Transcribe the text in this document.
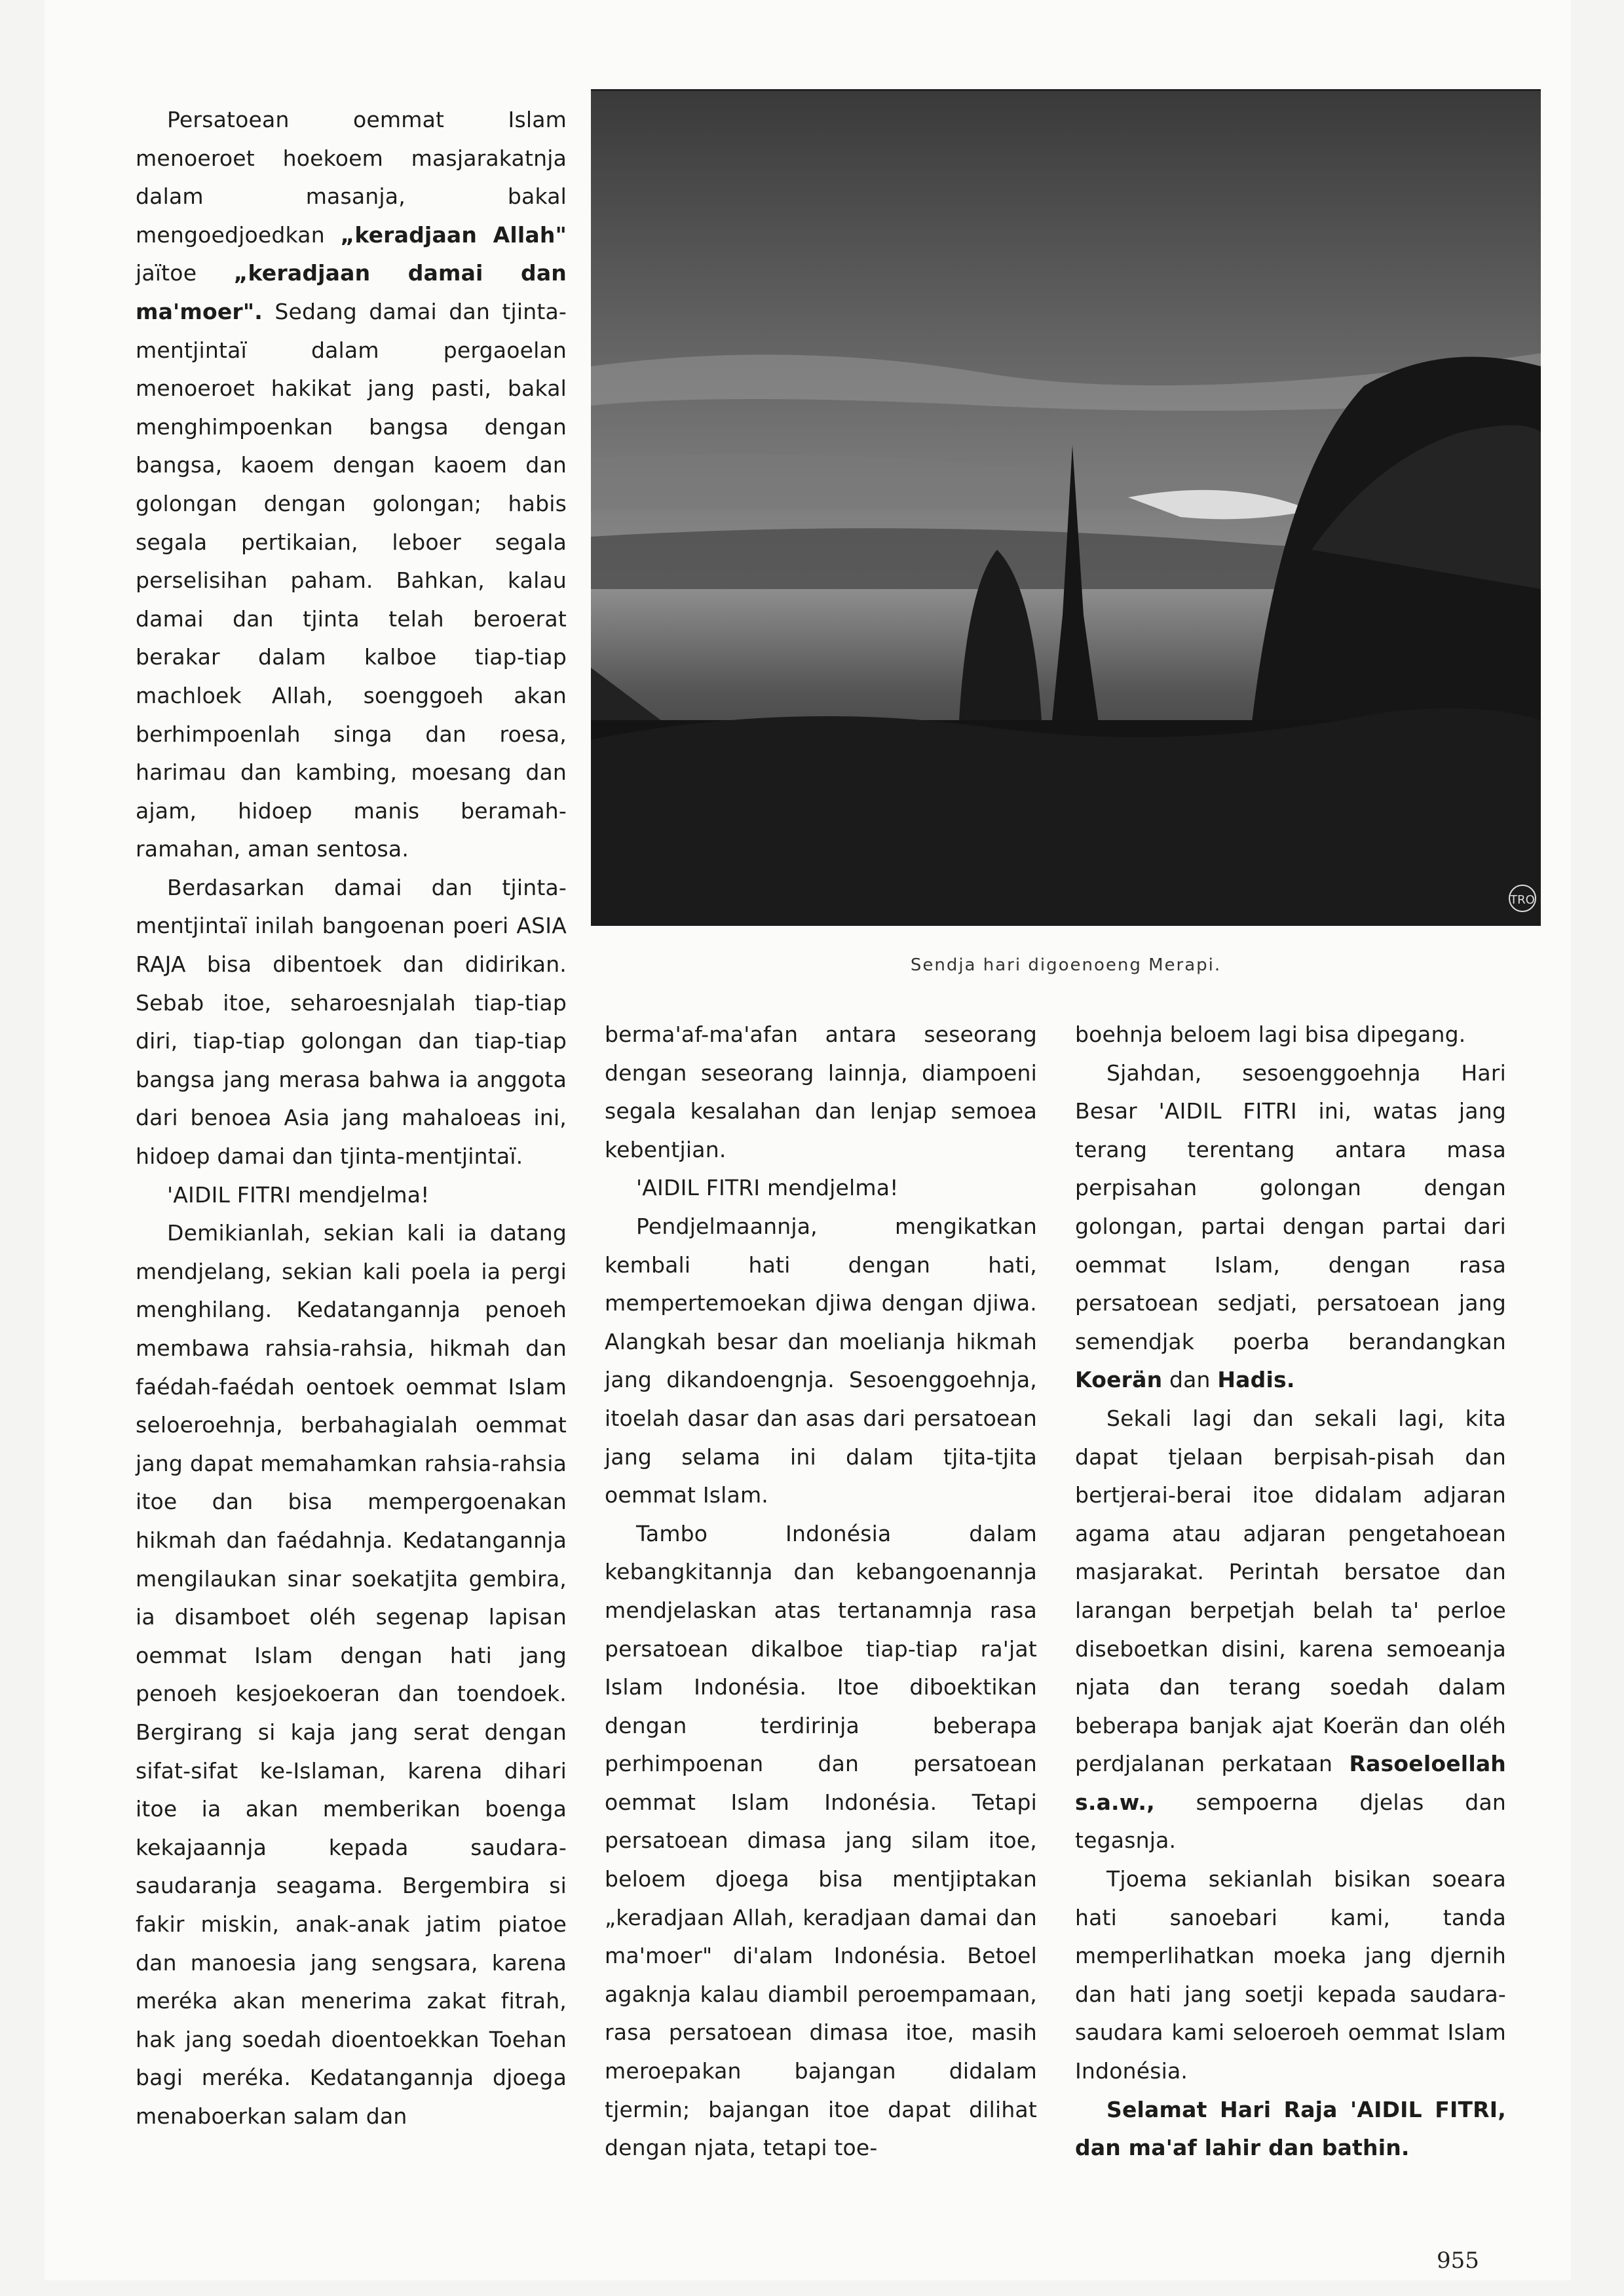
Persatoean oemmat Islam menoeroet hoekoem masjarakatnja dalam masanja, bakal mengoedjoedkan „keradjaan Allah" jaïtoe „keradjaan damai dan ma'moer". Sedang damai dan tjinta-mentjintaï dalam pergaoelan menoeroet hakikat jang pasti, bakal menghimpoenkan bangsa dengan bangsa, kaoem dengan kaoem dan golongan dengan golongan; habis segala pertikaian, leboer segala perselisihan paham. Bahkan, kalau damai dan tjinta telah beroerat berakar dalam kalboe tiap-tiap machloek Allah, soenggoeh akan berhimpoenlah singa dan roesa, harimau dan kambing, moesang dan ajam, hidoep manis beramah-ramahan, aman sentosa.

Berdasarkan damai dan tjinta-mentjintaï inilah bangoenan poeri ASIA RAJA bisa dibentoek dan didirikan. Sebab itoe, seharoesnjalah tiap-tiap diri, tiap-tiap golongan dan tiap-tiap bangsa jang merasa bahwa ia anggota dari benoea Asia jang mahaloeas ini, hidoep damai dan tjinta-mentjintaï.

'AIDIL FITRI mendjelma!

Demikianlah, sekian kali ia datang mendjelang, sekian kali poela ia pergi menghilang. Kedatangannja penoeh membawa rahsia-rahsia, hikmah dan faédah-faédah oentoek oemmat Islam seloeroehnja, berbahagialah oemmat jang dapat memahamkan rahsia-rahsia itoe dan bisa mempergoenakan hikmah dan faédahnja. Kedatangannja mengilaukan sinar soekatjita gembira, ia disamboet oléh segenap lapisan oemmat Islam dengan hati jang penoeh kesjoekoeran dan toendoek. Bergirang si kaja jang serat dengan sifat-sifat ke-Islaman, karena dihari itoe ia akan memberikan boenga kekajaannja kepada saudara-saudaranja seagama. Bergembira si fakir miskin, anak-anak jatim piatoe dan manoesia jang sengsara, karena meréka akan menerima zakat fitrah, hak jang soedah dioentoekkan Toehan bagi meréka. Kedatangannja djoega menaboerkan salam dan

TRO
Sendja hari digoenoeng Merapi.

berma'af-ma'afan antara seseorang dengan seseorang lainnja, diampoeni segala kesalahan dan lenjap semoea kebentjian.

'AIDIL FITRI mendjelma!

Pendjelmaannja, mengikatkan kembali hati dengan hati, mempertemoekan djiwa dengan djiwa. Alangkah besar dan moelianja hikmah jang dikandoengnja. Sesoenggoehnja, itoelah dasar dan asas dari persatoean jang selama ini dalam tjita-tjita oemmat Islam.

Tambo Indonésia dalam kebangkitannja dan kebangoenannja mendjelaskan atas tertanamnja rasa persatoean dikalboe tiap-tiap ra'jat Islam Indonésia. Itoe diboektikan dengan terdirinja beberapa perhimpoenan dan persatoean oemmat Islam Indonésia. Tetapi persatoean dimasa jang silam itoe, beloem djoega bisa mentjiptakan „keradjaan Allah, keradjaan damai dan ma'moer" di'alam Indonésia. Betoel agaknja kalau diambil peroempamaan, rasa persatoean dimasa itoe, masih meroepakan bajangan didalam tjermin; bajangan itoe dapat dilihat dengan njata, tetapi toe-

boehnja beloem lagi bisa dipegang.

Sjahdan, sesoenggoehnja Hari Besar 'AIDIL FITRI ini, watas jang terang terentang antara masa perpisahan golongan dengan golongan, partai dengan partai dari oemmat Islam, dengan rasa persatoean sedjati, persatoean jang semendjak poerba berandangkan Koerän dan Hadis.

Sekali lagi dan sekali lagi, kita dapat tjelaan berpisah-pisah dan bertjerai-berai itoe didalam adjaran agama atau adjaran pengetahoean masjarakat. Perintah bersatoe dan larangan berpetjah belah ta' perloe diseboetkan disini, karena semoeanja njata dan terang soedah dalam beberapa banjak ajat Koerän dan oléh perdjalanan perkataan Rasoeloellah s.a.w., sempoerna djelas dan tegasnja.

Tjoema sekianlah bisikan soeara hati sanoebari kami, tanda memperlihatkan moeka jang djernih dan hati jang soetji kepada saudara-saudara kami seloeroeh oemmat Islam Indonésia.

Selamat Hari Raja 'AIDIL FITRI, dan ma'af lahir dan bathin.

955
